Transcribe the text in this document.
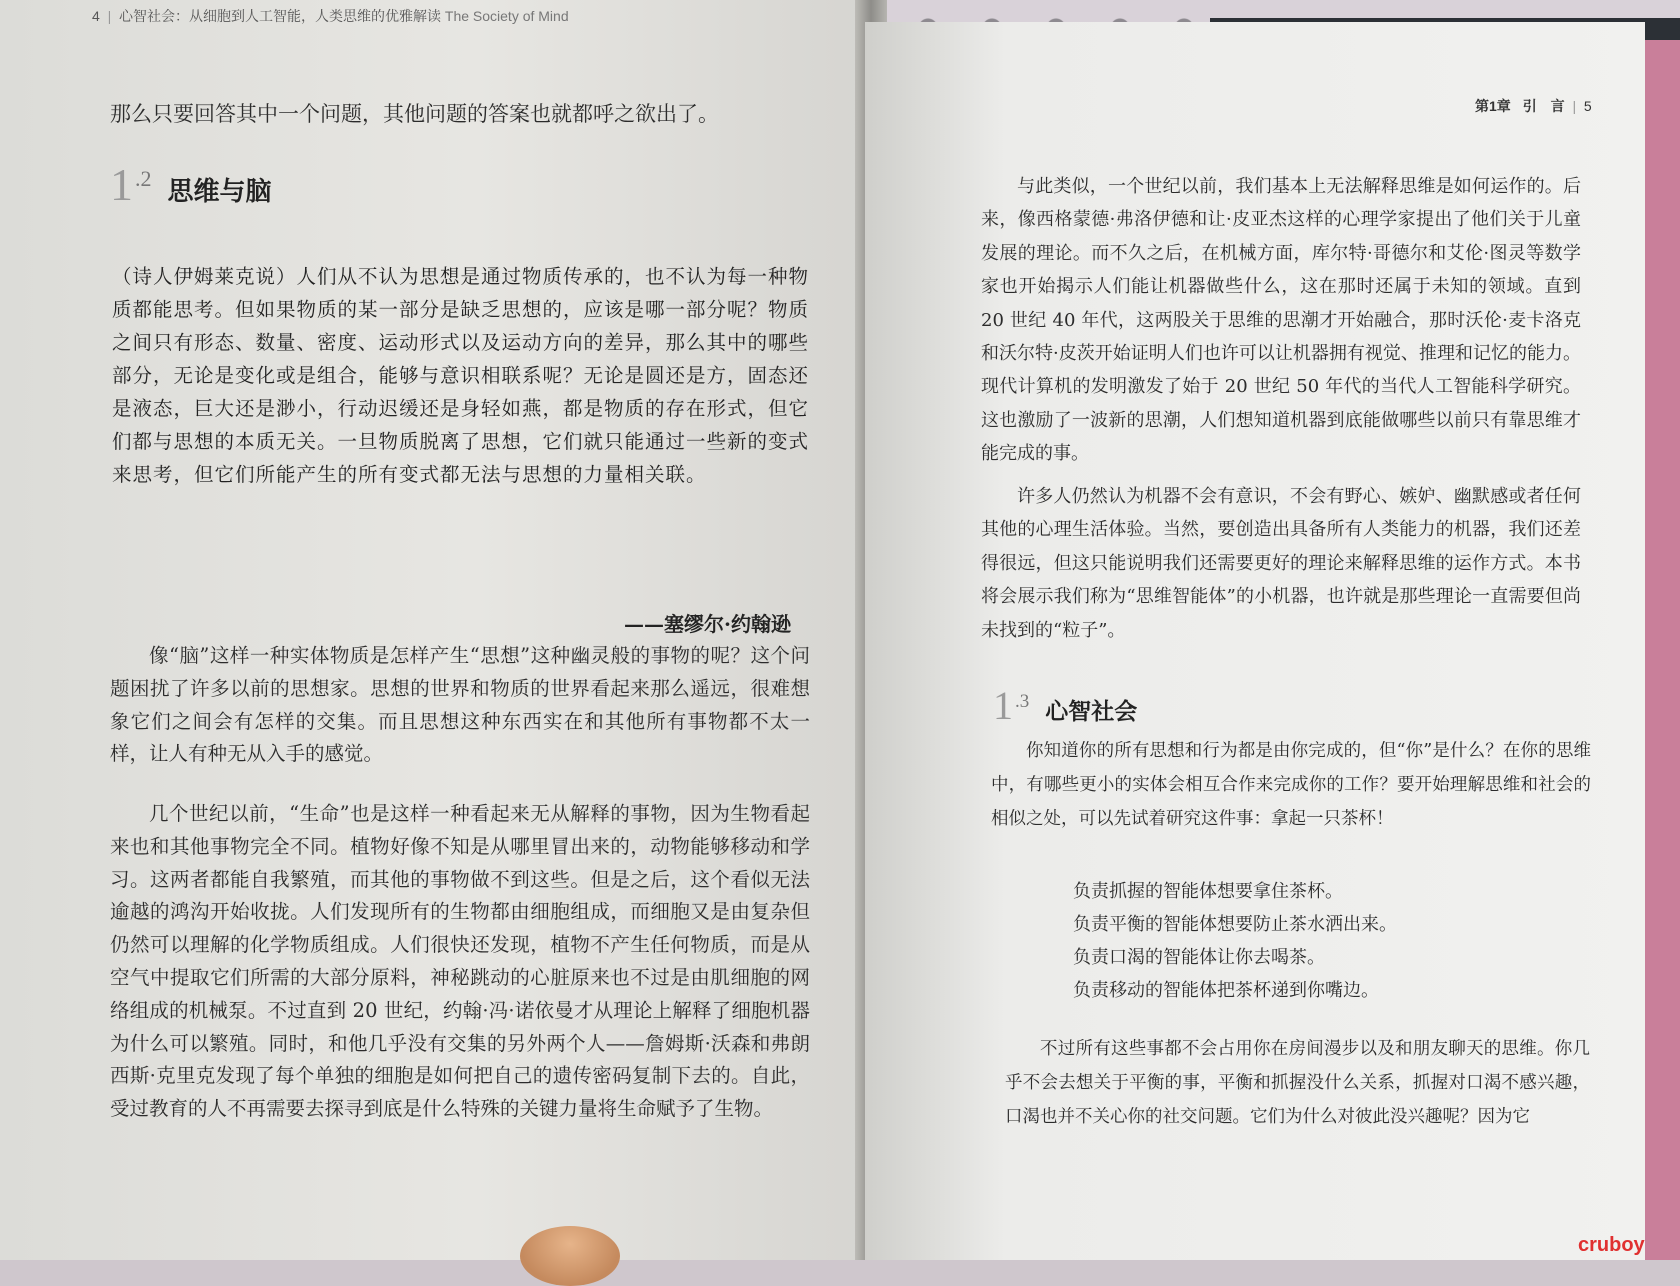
4  |  心智社会：从细胞到人工智能，人类思维的优雅解读 The Society of Mind

那么只要回答其中一个问题，其他问题的答案也就都呼之欲出了。

1 .2 思维与脑

（诗人伊姆莱克说）人们从不认为思想是通过物质传承的，也不认为每一种物质都能思考。但如果物质的某一部分是缺乏思想的，应该是哪一部分呢？物质之间只有形态、数量、密度、运动形式以及运动方向的差异，那么其中的哪些部分，无论是变化或是组合，能够与意识相联系呢？无论是圆还是方，固态还是液态，巨大还是渺小，行动迟缓还是身轻如燕，都是物质的存在形式，但它们都与思想的本质无关。一旦物质脱离了思想，它们就只能通过一些新的变式来思考，但它们所能产生的所有变式都无法与思想的力量相关联。

——塞缪尔·约翰逊

像“脑”这样一种实体物质是怎样产生“思想”这种幽灵般的事物的呢？这个问题困扰了许多以前的思想家。思想的世界和物质的世界看起来那么遥远，很难想象它们之间会有怎样的交集。而且思想这种东西实在和其他所有事物都不太一样，让人有种无从入手的感觉。

几个世纪以前，“生命”也是这样一种看起来无从解释的事物，因为生物看起来也和其他事物完全不同。植物好像不知是从哪里冒出来的，动物能够移动和学习。这两者都能自我繁殖，而其他的事物做不到这些。但是之后，这个看似无法逾越的鸿沟开始收拢。人们发现所有的生物都由细胞组成，而细胞又是由复杂但仍然可以理解的化学物质组成。人们很快还发现，植物不产生任何物质，而是从空气中提取它们所需的大部分原料，神秘跳动的心脏原来也不过是由肌细胞的网络组成的机械泵。不过直到 20 世纪，约翰·冯·诺依曼才从理论上解释了细胞机器为什么可以繁殖。同时，和他几乎没有交集的另外两个人——詹姆斯·沃森和弗朗西斯·克里克发现了每个单独的细胞是如何把自己的遗传密码复制下去的。自此，受过教育的人不再需要去探寻到底是什么特殊的关键力量将生命赋予了生物。

第1章 引　言  |  5

与此类似，一个世纪以前，我们基本上无法解释思维是如何运作的。后来，像西格蒙德·弗洛伊德和让·皮亚杰这样的心理学家提出了他们关于儿童发展的理论。而不久之后，在机械方面，库尔特·哥德尔和艾伦·图灵等数学家也开始揭示人们能让机器做些什么，这在那时还属于未知的领域。直到 20 世纪 40 年代，这两股关于思维的思潮才开始融合，那时沃伦·麦卡洛克和沃尔特·皮茨开始证明人们也许可以让机器拥有视觉、推理和记忆的能力。现代计算机的发明激发了始于 20 世纪 50 年代的当代人工智能科学研究。这也激励了一波新的思潮，人们想知道机器到底能做哪些以前只有靠思维才能完成的事。

许多人仍然认为机器不会有意识，不会有野心、嫉妒、幽默感或者任何其他的心理生活体验。当然，要创造出具备所有人类能力的机器，我们还差得很远，但这只能说明我们还需要更好的理论来解释思维的运作方式。本书将会展示我们称为“思维智能体”的小机器，也许就是那些理论一直需要但尚未找到的“粒子”。

1 .3 心智社会

你知道你的所有思想和行为都是由你完成的，但“你”是什么？在你的思维中，有哪些更小的实体会相互合作来完成你的工作？要开始理解思维和社会的相似之处，可以先试着研究这件事：拿起一只茶杯！

负责抓握的智能体想要拿住茶杯。

负责平衡的智能体想要防止茶水洒出来。

负责口渴的智能体让你去喝茶。

负责移动的智能体把茶杯递到你嘴边。

不过所有这些事都不会占用你在房间漫步以及和朋友聊天的思维。你几乎不会去想关于平衡的事，平衡和抓握没什么关系，抓握对口渴不感兴趣，口渴也并不关心你的社交问题。它们为什么对彼此没兴趣呢？因为它

cruboy
